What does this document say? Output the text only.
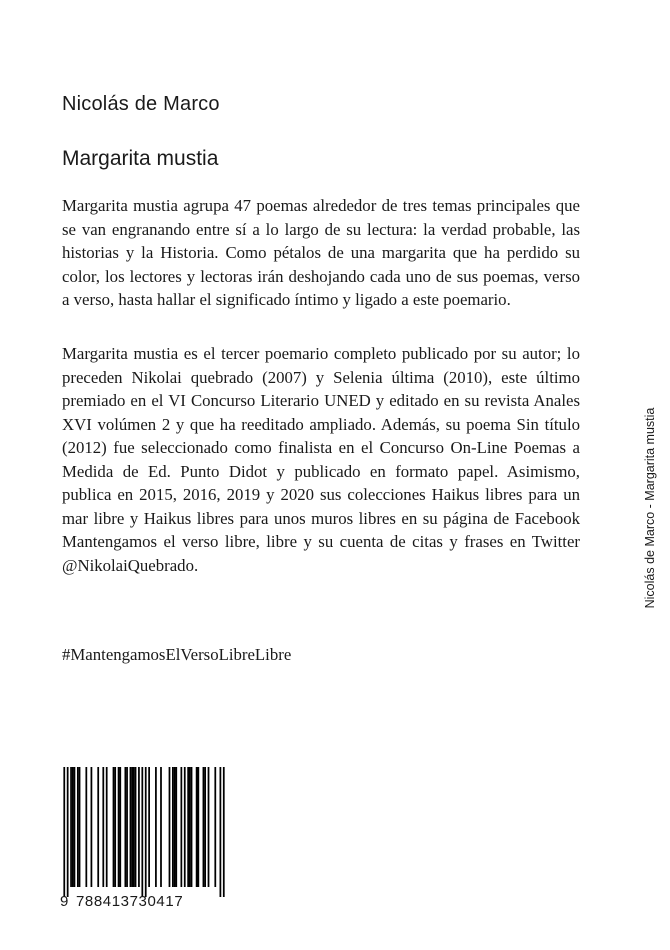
Nicolás de Marco
Margarita mustia

Margarita mustia agrupa 47 poemas alrededor de tres temas principales que se van engranando entre sí a lo largo de su lectura: la verdad probable, las historias y la Historia. Como pétalos de una margarita que ha perdido su color, los lectores y lectoras irán deshojando cada uno de sus poemas, verso a verso, hasta hallar el significado íntimo y ligado a este poemario.

Margarita mustia es el tercer poemario completo publicado por su autor; lo preceden Nikolai quebrado (2007) y Selenia última (2010), este último premiado en el VI Concurso Literario UNED y editado en su revista Anales XVI volúmen 2 y que ha reeditado ampliado. Además, su poema Sin título (2012) fue seleccionado como finalista en el Concurso On-Line Poemas a Medida de Ed. Punto Didot y publicado en formato papel. Asimismo, publica en 2015, 2016, 2019 y 2020 sus colecciones Haikus libres para un mar libre y Haikus libres para unos muros libres en su página de Facebook Mantengamos el verso libre, libre y su cuenta de citas y frases en Twitter @NikolaiQuebrado.

#MantengamosElVersoLibreLibre

Nicolás de Marco - Margarita mustia
9 788413730417
